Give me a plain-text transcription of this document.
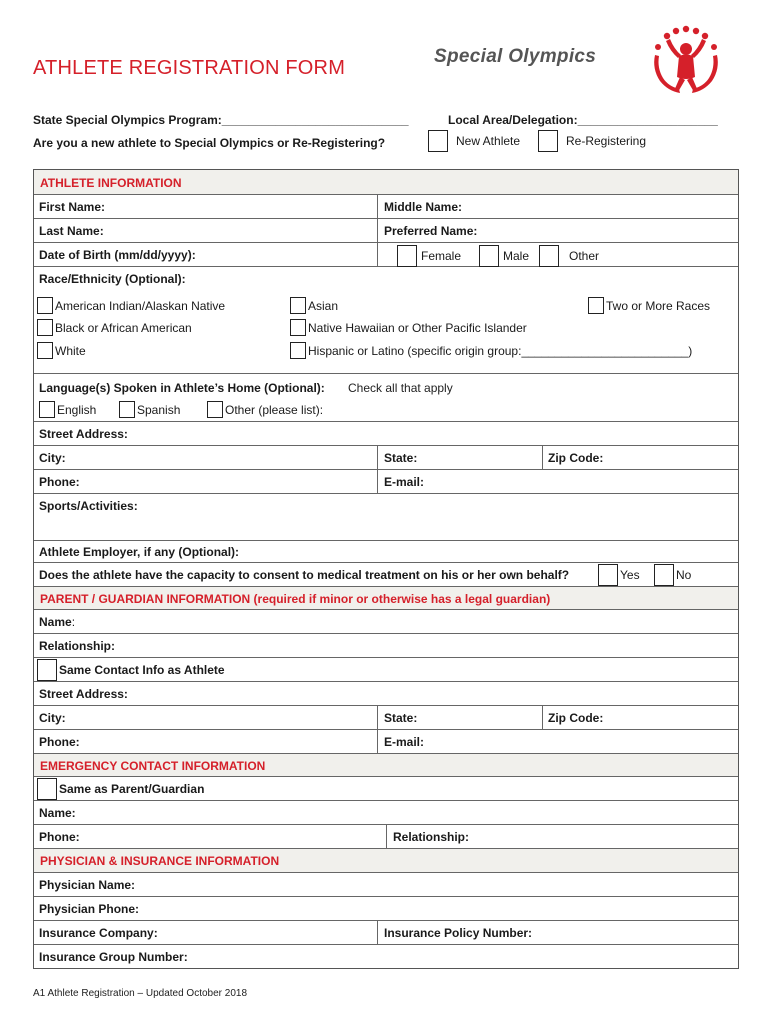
ATHLETE REGISTRATION FORM
Special Olympics
State Special Olympics Program:____________________________	Local Area/Delegation:_____________________
Are you a new athlete to Special Olympics or Re-Registering?	New Athlete	Re-Registering
ATHLETE INFORMATION
First Name:	Middle Name:
Last Name:	Preferred Name:
Date of Birth (mm/dd/yyyy):	Female	Male	Other
Race/Ethnicity (Optional):
American Indian/Alaskan Native	Asian	Two or More Races
Black or African American	Native Hawaiian or Other Pacific Islander
White	Hispanic or Latino (specific origin group:_________________________)
Language(s) Spoken in Athlete’s Home (Optional): Check all that apply
English	Spanish	Other (please list):
Street Address:
City:	State:	Zip Code:
Phone:	E-mail:
Sports/Activities:
Athlete Employer, if any (Optional):
Does the athlete have the capacity to consent to medical treatment on his or her own behalf?	Yes	No
PARENT / GUARDIAN INFORMATION (required if minor or otherwise has a legal guardian)
Name:
Relationship:
Same Contact Info as Athlete
Street Address:
City:	State:	Zip Code:
Phone:	E-mail:
EMERGENCY CONTACT INFORMATION
Same as Parent/Guardian
Name:
Phone:	Relationship:
PHYSICIAN & INSURANCE INFORMATION
Physician Name:
Physician Phone:
Insurance Company:	Insurance Policy Number:
Insurance Group Number:
A1 Athlete Registration – Updated October 2018
